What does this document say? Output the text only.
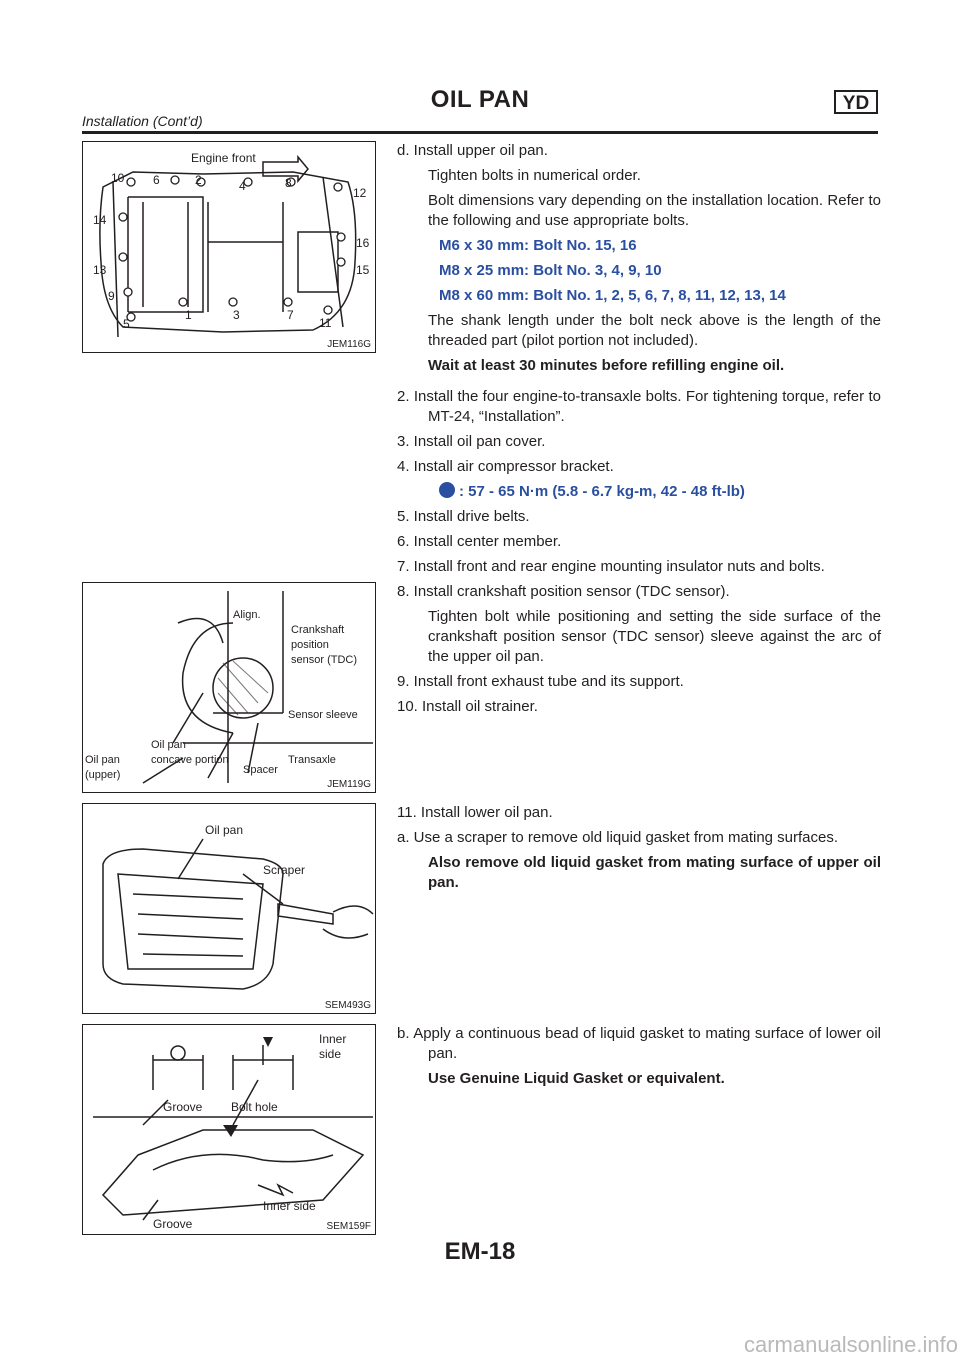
OIL PAN	YD
Installation (Cont’d)
Engine front
10 6	2	4	8
12
14
16
13	15
9
5
1	3	7
11
JEM116G
Align.
Crankshaft
position
sensor (TDC)
Sensor sleeve
Oil pan
concave portion
Oil pan
(upper)	Spacer
Transaxle
JEM119G
Oil pan
Scraper
SEM493G
Inner
side
Groove Bolt hole
Inner side
Groove	SEM159F

d. Install upper oil pan.

Tighten bolts in numerical order.

Bolt dimensions vary depending on the installation location. Refer to the following and use appropriate bolts.

M6 x 30 mm: Bolt No. 15, 16

M8 x 25 mm: Bolt No. 3, 4, 9, 10

M8 x 60 mm: Bolt No. 1, 2, 5, 6, 7, 8, 11, 12, 13, 14

The shank length under the bolt neck above is the length of the threaded part (pilot portion not included).

Wait at least 30 minutes before refilling engine oil.

2. Install the four engine-to-transaxle bolts. For tightening torque, refer to MT-24, “Installation”.

3. Install oil pan cover.

4. Install air compressor bracket.

: 57 - 65 N·m (5.8 - 6.7 kg-m, 42 - 48 ft-lb)

5. Install drive belts.

6. Install center member.

7. Install front and rear engine mounting insulator nuts and bolts.

8. Install crankshaft position sensor (TDC sensor).

Tighten bolt while positioning and setting the side surface of the crankshaft position sensor (TDC sensor) sleeve against the arc of the upper oil pan.

9. Install front exhaust tube and its support.

10. Install oil strainer.

11. Install lower oil pan.

a. Use a scraper to remove old liquid gasket from mating surfaces.

Also remove old liquid gasket from mating surface of upper oil pan.

b. Apply a continuous bead of liquid gasket to mating surface of lower oil pan.

Use Genuine Liquid Gasket or equivalent.

EM-18
carmanualsonline.info
